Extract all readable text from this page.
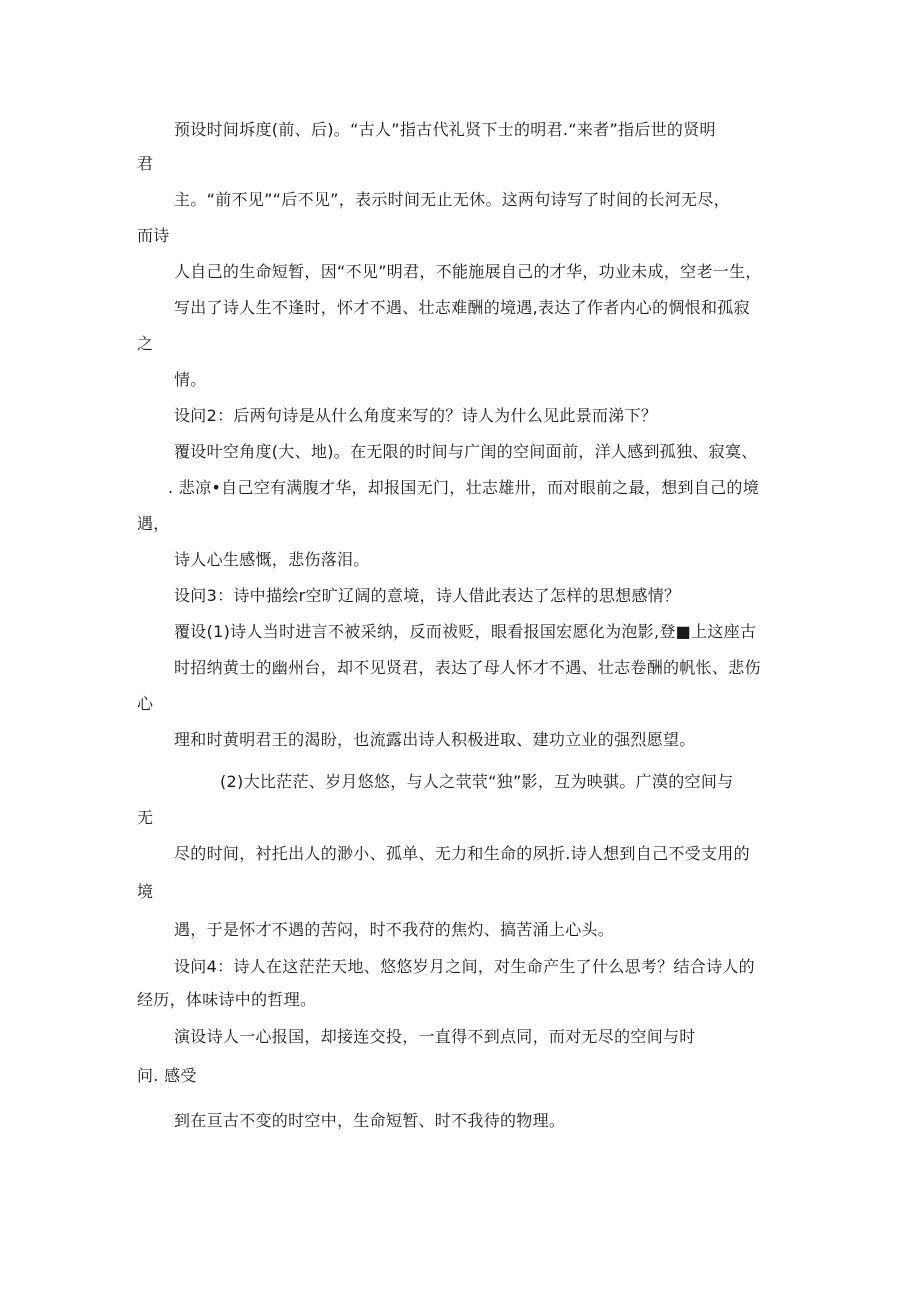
预设时间坼度(前、后)。“古人”指古代礼贤下士的明君.“来者”指后世的贤明
君
主。“前不见”“后不见”，表示时间无止无休。这两句诗写了时间的长河无尽，
而诗
人自己的生命短暂，因“不见”明君，不能施展自己的才华，功业未成，空老一生，
写出了诗人生不逢时，怀才不遇、壮志难酬的境遇,表达了作者内心的惆恨和孤寂
之
情。
设问2：后两句诗是从什么角度来写的？诗人为什么见此景而涕下？
覆设叶空角度(大、地)。在无限的时间与广闺的空间面前，洋人感到孤独、寂寞、
. 悲凉•自己空有满腹才华，却报国无门，壮志雄卅，而对眼前之最，想到自己的境
遇，
诗人心生感慨，悲伤落泪。
设问3：诗中描绘r空旷辽阔的意境，诗人借此表达了怎样的思想感情？
覆设(1)诗人当时进言不被采纳，反而祓贬，眼看报国宏愿化为泡影,登■上这座古
时招纳黄士的幽州台，却不见贤君，表达了母人怀才不遇、壮志卷酬的帆怅、悲伤
心
理和时黄明君王的渴盼，也流露出诗人积极进取、建功立业的强烈愿望。
(2)大比茫茫、岁月悠悠，与人之茕茕“独”影，互为映骐。广漠的空间与
无
尽的时间，衬托出人的渺小、孤单、无力和生命的夙折.诗人想到自己不受支用的
境
遇，于是怀才不遇的苦闷，时不我苻的焦灼、搞苦涌上心头。
设问4：诗人在这茫茫天地、悠悠岁月之间，对生命产生了什么思考？结合诗人的
经历，体味诗中的哲理。
演设诗人一心报国，却接连交投，一直得不到点同，而对无尽的空间与时
问. 感受
到在亘古不变的时空中，生命短暂、时不我待的物理。
